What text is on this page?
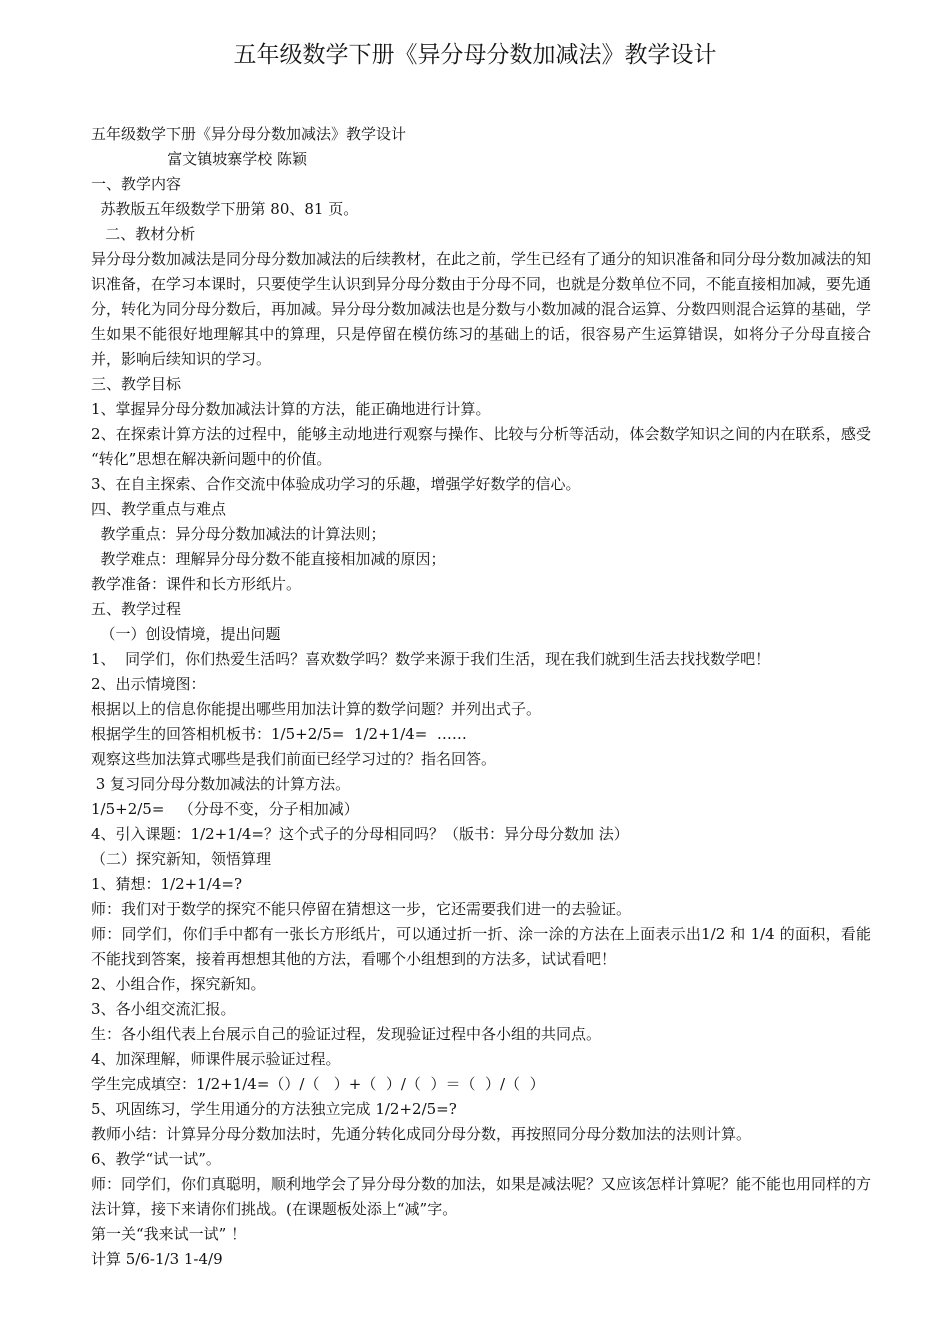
五年级数学下册《异分母分数加减法》教学设计
五年级数学下册《异分母分数加减法》教学设计
富文镇坡寨学校 陈颖
一、教学内容
苏教版五年级数学下册第 80、81 页。
二、教材分析
异分母分数加减法是同分母分数加减法的后续教材，在此之前，学生已经有了通分的知识准备和同分母分数加减法的知识准备，在学习本课时，只要使学生认识到异分母分数由于分母不同，也就是分数单位不同，不能直接相加减，要先通分，转化为同分母分数后，再加减。异分母分数加减法也是分数与小数加减的混合运算、分数四则混合运算的基础，学生如果不能很好地理解其中的算理，只是停留在模仿练习的基础上的话，很容易产生运算错误，如将分子分母直接合并，影响后续知识的学习。
三、教学目标
1、掌握异分母分数加减法计算的方法，能正确地进行计算。
2、在探索计算方法的过程中，能够主动地进行观察与操作、比较与分析等活动，体会数学知识之间的内在联系，感受 “转化”思想在解决新问题中的价值。
3、在自主探索、合作交流中体验成功学习的乐趣，增强学好数学的信心。
四、教学重点与难点
教学重点：异分母分数加减法的计算法则；
教学难点：理解异分母分数不能直接相加减的原因；
教学准备：课件和长方形纸片。
五、教学过程
（一）创设情境，提出问题
1、  同学们，你们热爱生活吗？喜欢数学吗？数学来源于我们生活，现在我们就到生活去找找数学吧！
2、出示情境图：
根据以上的信息你能提出哪些用加法计算的数学问题？并列出式子。
根据学生的回答相机板书：1/5+2/5=  1/2+1/4=  ……
观察这些加法算式哪些是我们前面已经学习过的？指名回答。
3 复习同分母分数加减法的计算方法。
1/5+2/5=   （分母不变，分子相加减）
4、引入课题：1/2+1/4=？这个式子的分母相同吗？（版书：异分母分数加 法）
（二）探究新知，领悟算理
1、猜想：1/2+1/4=?
师：我们对于数学的探究不能只停留在猜想这一步，它还需要我们进一的去验证。
师：同学们，你们手中都有一张长方形纸片，可以通过折一折、涂一涂的方法在上面表示出1/2 和 1/4 的面积，看能不能找到答案，接着再想想其他的方法，看哪个小组想到的方法多，试试看吧！
2、小组合作，探究新知。
3、各小组交流汇报。
生：各小组代表上台展示自己的验证过程，发现验证过程中各小组的共同点。
4、加深理解，师课件展示验证过程。
学生完成填空：1/2+1/4=（）/（   ）+（  ）/（  ）＝（  ）/（  ）
5、巩固练习，学生用通分的方法独立完成 1/2+2/5=?
教师小结：计算异分母分数加法时，先通分转化成同分母分数，再按照同分母分数加法的法则计算。
6、教学“试一试”。
师：同学们，你们真聪明，顺利地学会了异分母分数的加法，如果是减法呢？又应该怎样计算呢？能不能也用同样的方法计算，接下来请你们挑战。(在课题板处添上“减”字。
第一关“我来试一试” ！
计算 5/6-1/3 1-4/9
